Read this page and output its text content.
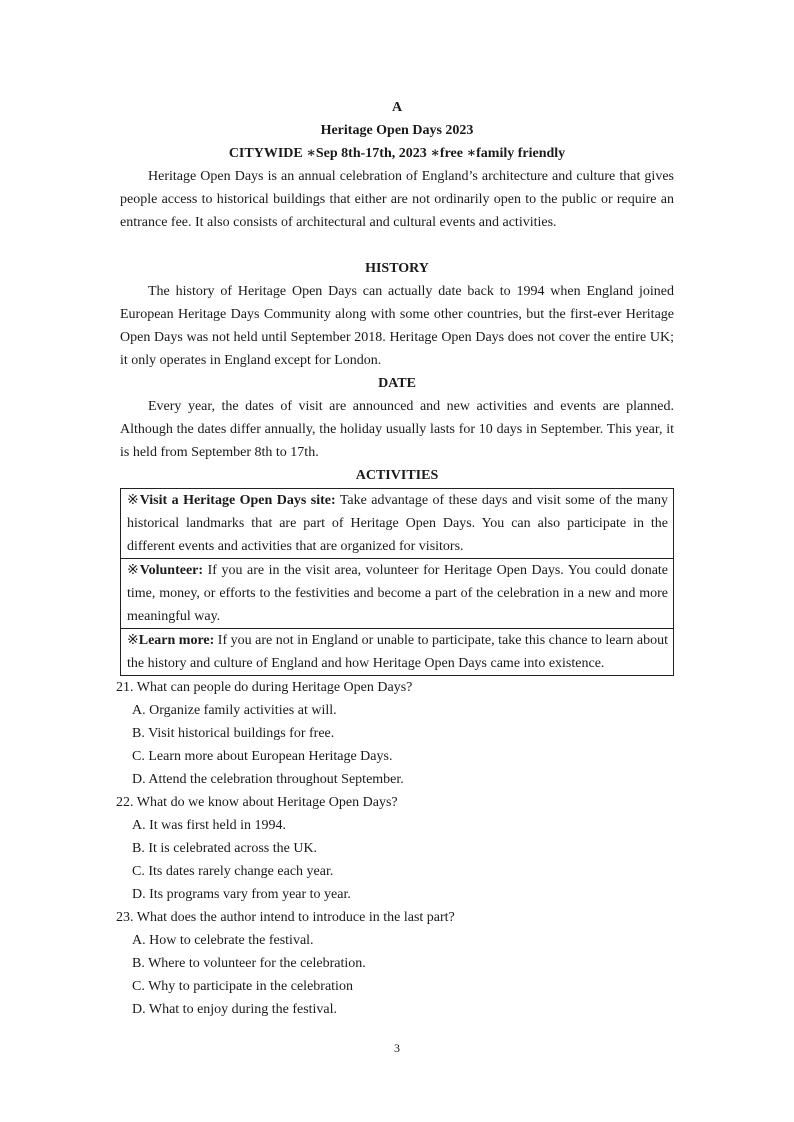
A

Heritage Open Days 2023

CITYWIDE ∗Sep 8th-17th, 2023 ∗free ∗family friendly

Heritage Open Days is an annual celebration of England’s architecture and culture that gives people access to historical buildings that either are not ordinarily open to the public or require an entrance fee. It also consists of architectural and cultural events and activities.

HISTORY

The history of Heritage Open Days can actually date back to 1994 when England joined European Heritage Days Community along with some other countries, but the first-ever Heritage Open Days was not held until September 2018. Heritage Open Days does not cover the entire UK; it only operates in England except for London.

DATE

Every year, the dates of visit are announced and new activities and events are planned. Although the dates differ annually, the holiday usually lasts for 10 days in September. This year, it is held from September 8th to 17th.

ACTIVITIES

※Visit a Heritage Open Days site: Take advantage of these days and visit some of the many historical landmarks that are part of Heritage Open Days. You can also participate in the different events and activities that are organized for visitors.
※Volunteer: If you are in the visit area, volunteer for Heritage Open Days. You could donate time, money, or efforts to the festivities and become a part of the celebration in a new and more meaningful way.
※Learn more: If you are not in England or unable to participate, take this chance to learn about the history and culture of England and how Heritage Open Days came into existence.
21. What can people do during Heritage Open Days?
A. Organize family activities at will.
B. Visit historical buildings for free.
C. Learn more about European Heritage Days.
D. Attend the celebration throughout September.
22. What do we know about Heritage Open Days?
A. It was first held in 1994.
B. It is celebrated across the UK.
C. Its dates rarely change each year.
D. Its programs vary from year to year.
23. What does the author intend to introduce in the last part?
A. How to celebrate the festival.
B. Where to volunteer for the celebration.
C. Why to participate in the celebration
D. What to enjoy during the festival.
3
